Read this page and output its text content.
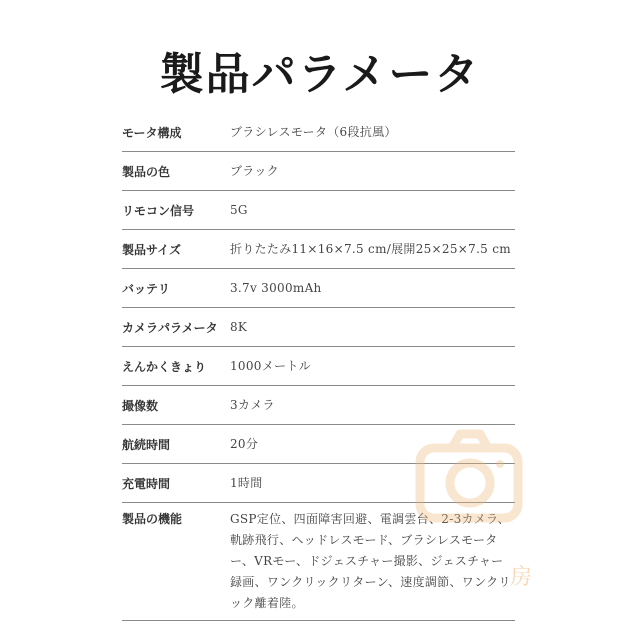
製品パラメータ
モータ構成	ブラシレスモータ（6段抗風）
製品の色	ブラック
リモコン信号	5G
製品サイズ	折りたたみ11×16×7.5 cm/展開25×25×7.5 cm
バッテリ	3.7v 3000mAh
カメラパラメータ	8K
えんかくきょり	1000メートル
撮像数	3カメラ
航続時間	20分
充電時間	1時間
製品の機能	GSP定位、四面障害回避、電調雲台、2-3カメラ、軌跡飛行、ヘッドレスモード、ブラシレスモーター、VRモー、ドジェスチャー撮影、ジェスチャー録画、ワンクリックリターン、速度調節、ワンクリック離着陸。
房
